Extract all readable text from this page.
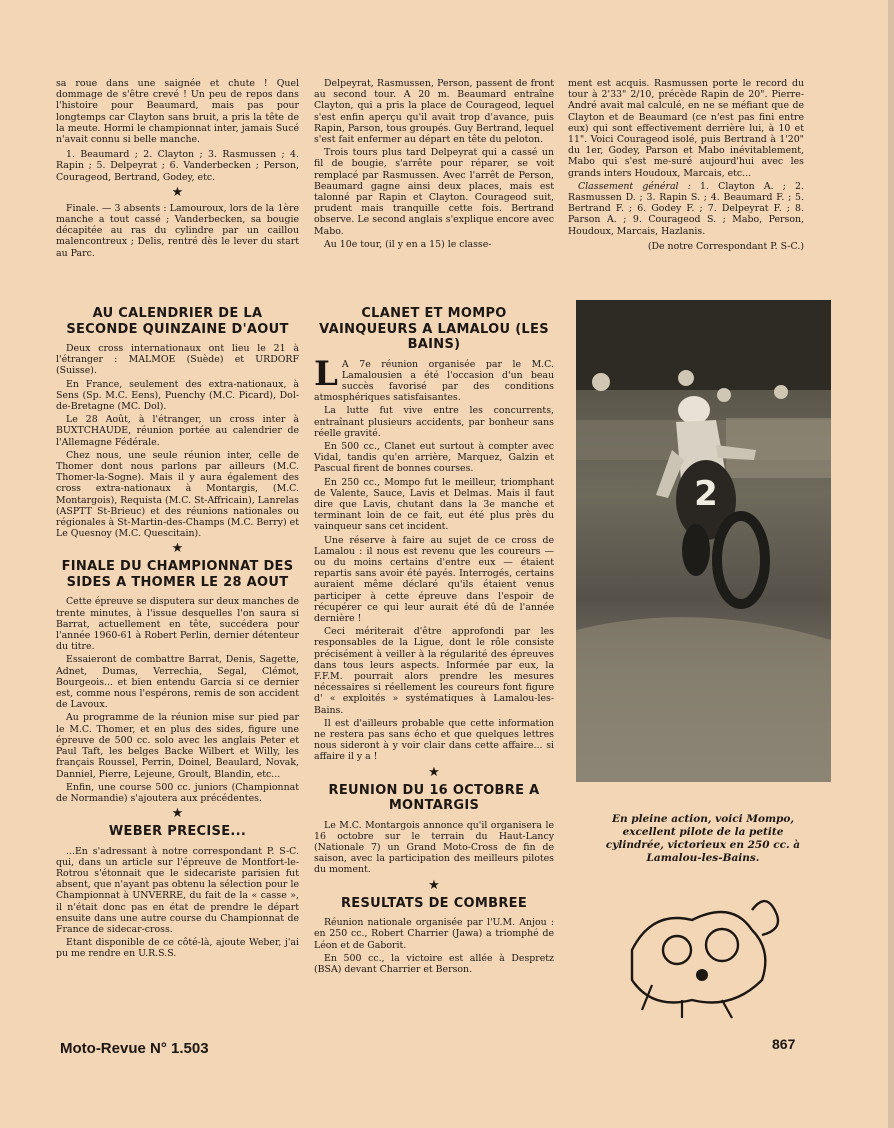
sa roue dans une saignée et chute ! Quel dommage de s'être crevé ! Un peu de repos dans l'histoire pour Beaumard, mais pas pour longtemps car Clayton sans bruit, a pris la tête de la meute. Hormi le championnat inter, jamais Sucé n'avait connu si belle manche.

1. Beaumard ; 2. Clayton ; 3. Rasmussen ; 4. Rapin ; 5. Delpeyrat ; 6. Vanderbecken ; Person, Courageod, Bertrand, Godey, etc.

★

Finale. — 3 absents : Lamouroux, lors de la 1ère manche a tout cassé ; Vanderbecken, sa bougie décapitée au ras du cylindre par un caillou malencontreux ; Delis, rentré dès le lever du start au Parc.

Delpeyrat, Rasmussen, Person, passent de front au second tour. A 20 m. Beaumard entraîne Clayton, qui a pris la place de Courageod, lequel s'est enfin aperçu qu'il avait trop d'avance, puis Rapin, Parson, tous groupés. Guy Bertrand, lequel s'est fait enfermer au départ en tête du peloton.

Trois tours plus tard Delpeyrat qui a cassé un fil de bougie, s'arrête pour réparer, se voit remplacé par Rasmussen. Avec l'arrêt de Person, Beaumard gagne ainsi deux places, mais est talonné par Rapin et Clayton. Courageod suit, prudent mais tranquille cette fois. Bertrand observe. Le second anglais s'explique encore avec Mabo.

Au 10e tour, (il y en a 15) le classe-

ment est acquis. Rasmussen porte le record du tour à 2'33" 2/10, précède Rapin de 20". Pierre-André avait mal calculé, en ne se méfiant que de Clayton et de Beaumard (ce n'est pas fini entre eux) qui sont effectivement derrière lui, à 10 et 11". Voici Courageod isolé, puis Bertrand à 1'20" du 1er, Godey, Parson et Mabo inévitablement, Mabo qui s'est me-suré aujourd'hui avec les grands inters Houdoux, Marcais, etc...

Classement général : 1. Clayton A. ; 2. Rasmussen D. ; 3. Rapin S. ; 4. Beaumard F. ; 5. Bertrand F. ; 6. Godey F. ; 7. Delpeyrat F. ; 8. Parson A. ; 9. Courageod S. ; Mabo, Person, Houdoux, Marcais, Hazlanis.

(De notre Correspondant P. S-C.)

AU CALENDRIER DE LA SECONDE QUINZAINE D'AOUT

Deux cross internationaux ont lieu le 21 à l'étranger : MALMOE (Suède) et URDORF (Suisse).

En France, seulement des extra-nationaux, à Sens (Sp. M.C. Eens), Puenchy (M.C. Picard), Dol-de-Bretagne (MC. Dol).

Le 28 Août, à l'étranger, un cross inter à BUXTCHAUDE, réunion portée au calendrier de l'Allemagne Fédérale.

Chez nous, une seule réunion inter, celle de Thomer dont nous parlons par ailleurs (M.C. Thomer-la-Sogne). Mais il y aura également des cross extra-nationaux à Montargis, (M.C. Montargois), Requista (M.C. St-Affricain), Lanrelas (ASPTT St-Brieuc) et des réunions nationales ou régionales à St-Martin-des-Champs (M.C. Berry) et Le Quesnoy (M.C. Quescitain).

★
FINALE DU CHAMPIONNAT DES SIDES A THOMER LE 28 AOUT

Cette épreuve se disputera sur deux manches de trente minutes, à l'issue desquelles l'on saura si Barrat, actuellement en tête, succédera pour l'année 1960-61 à Robert Perlin, dernier détenteur du titre.

Essaieront de combattre Barrat, Denis, Sagette, Adnet, Dumas, Verrechia, Segal, Clémot, Bourgeois... et bien entendu Garcia si ce dernier est, comme nous l'espérons, remis de son accident de Lavoux.

Au programme de la réunion mise sur pied par le M.C. Thomer, et en plus des sides, figure une épreuve de 500 cc. solo avec les anglais Peter et Paul Taft, les belges Backe Wilbert et Willy, les français Roussel, Perrin, Doinel, Beaulard, Novak, Danniel, Pierre, Lejeune, Groult, Blandin, etc...

Enfin, une course 500 cc. juniors (Championnat de Normandie) s'ajoutera aux précédentes.

★
WEBER PRECISE...

...En s'adressant à notre correspondant P. S-C. qui, dans un article sur l'épreuve de Montfort-le-Rotrou s'étonnait que le sidecariste parisien fut absent, que n'ayant pas obtenu la sélection pour le Championnat à UNVERRE, du fait de la « casse », il n'était donc pas en état de prendre le départ ensuite dans une autre course du Championnat de France de sidecar-cross.

Etant disponible de ce côté-là, ajoute Weber, j'ai pu me rendre en U.R.S.S.

CLANET ET MOMPO VAINQUEURS A LAMALOU (LES BAINS)

L A 7e réunion organisée par le M.C. Lamalousien a été l'occasion d'un beau succès favorisé par des conditions atmosphériques satisfaisantes.

La lutte fut vive entre les concurrents, entraînant plusieurs accidents, par bonheur sans réelle gravité.

En 500 cc., Clanet eut surtout à compter avec Vidal, tandis qu'en arrière, Marquez, Galzin et Pascual firent de bonnes courses.

En 250 cc., Mompo fut le meilleur, triomphant de Valente, Sauce, Lavis et Delmas. Mais il faut dire que Lavis, chutant dans la 3e manche et terminant loin de ce fait, eut été plus près du vainqueur sans cet incident.

Une réserve à faire au sujet de ce cross de Lamalou : il nous est revenu que les coureurs — ou du moins certains d'entre eux — étaient repartis sans avoir été payés. Interrogés, certains auraient même déclaré qu'ils étaient venus participer à cette épreuve dans l'espoir de récupérer ce qui leur aurait été dû de l'année dernière !

Ceci mériterait d'être approfondi par les responsables de la Ligue, dont le rôle consiste précisément à veiller à la régularité des épreuves dans tous leurs aspects. Informée par eux, la F.F.M. pourrait alors prendre les mesures nécessaires si réellement les coureurs font figure d' « exploités » systématiques à Lamalou-les-Bains.

Il est d'ailleurs probable que cette information ne restera pas sans écho et que quelques lettres nous sideront à y voir clair dans cette affaire... si affaire il y a !

★
REUNION DU 16 OCTOBRE A MONTARGIS

Le M.C. Montargois annonce qu'il organisera le 16 octobre sur le terrain du Haut-Lancy (Nationale 7) un Grand Moto-Cross de fin de saison, avec la participation des meilleurs pilotes du moment.

★
RESULTATS DE COMBREE

Réunion nationale organisée par l'U.M. Anjou : en 250 cc., Robert Charrier (Jawa) a triomphé de Léon et de Gaborit.

En 500 cc., la victoire est allée à Despretz (BSA) devant Charrier et Berson.

2
En pleine action, voici Mompo, excellent pilote de la petite cylindrée, victorieux en 250 cc. à Lamalou-les-Bains.
Moto-Revue N° 1.503	867
